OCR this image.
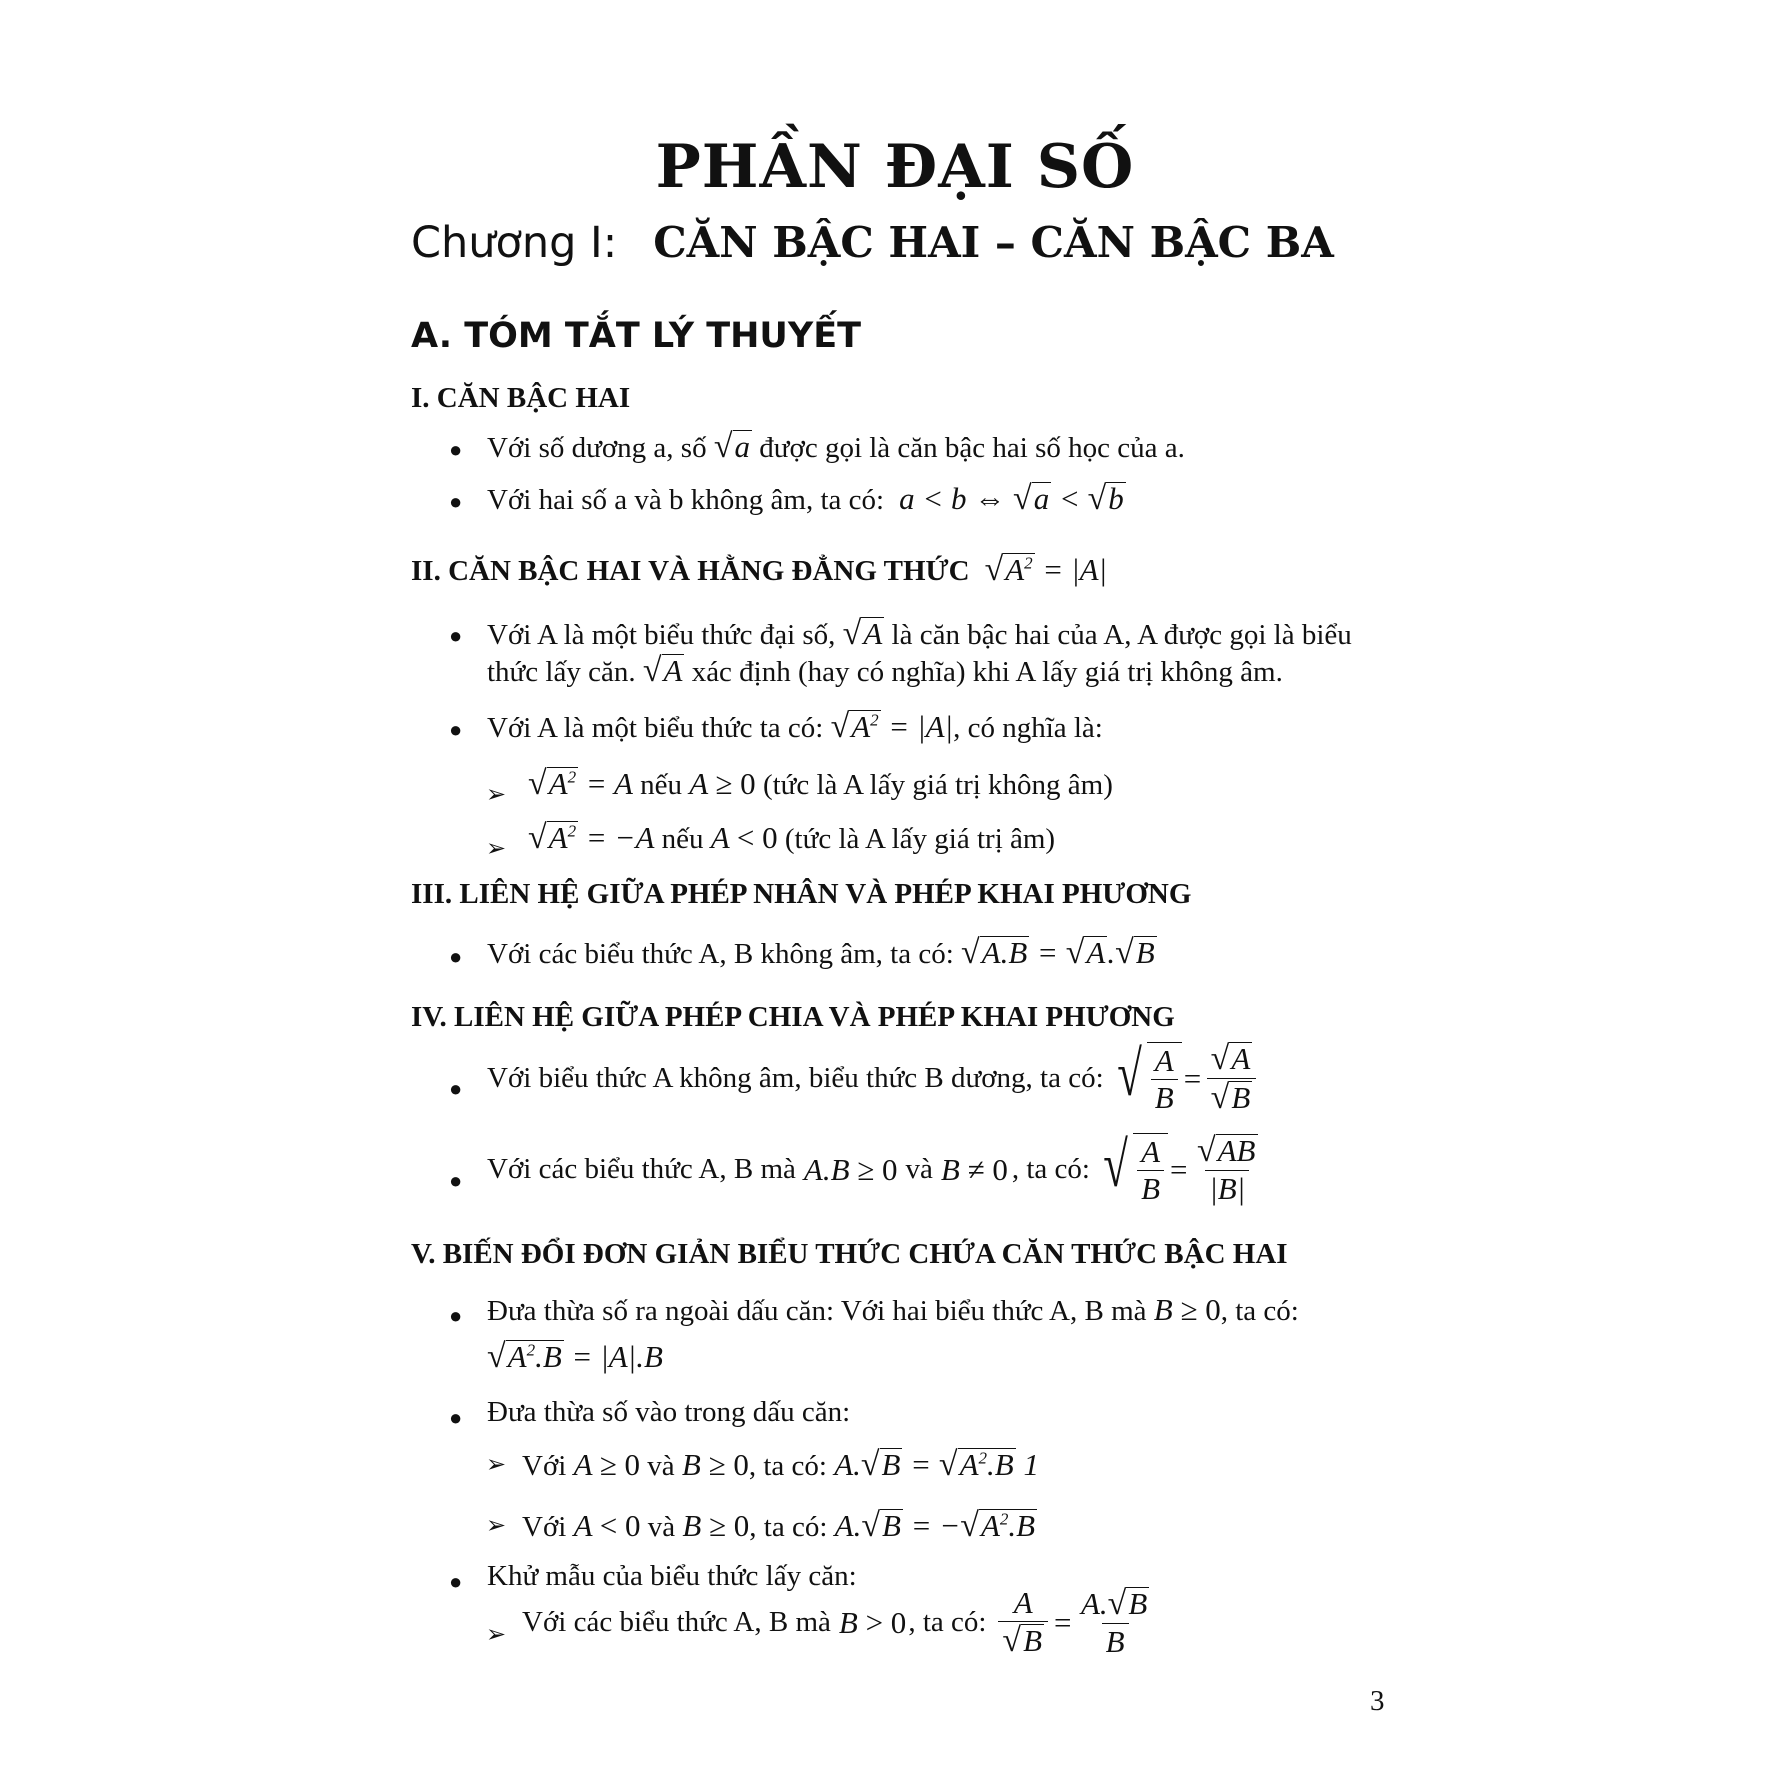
PHẦN ĐẠI SỐ
Chương I: CĂN BẬC HAI – CĂN BẬC BA
A. TÓM TẮT LÝ THUYẾT
I. CĂN BẬC HAI
● Với số dương a, số √a được gọi là căn bậc hai số học của a.
● Với hai số a và b không âm, ta có:  a < b ⇔ √a < √b
II. CĂN BẬC HAI VÀ HẰNG ĐẲNG THỨC $√A^2 = |A|$
● Với A là một biểu thức đại số, √A là căn bậc hai của A, A được gọi là biểu
thức lấy căn. √A xác định (hay có nghĩa) khi A lấy giá trị không âm.
● Với A là một biểu thức ta có: $√A^2 = |A|$, có nghĩa là:
➢ $√A^2 = A$ nếu A ≥ 0 (tức là A lấy giá trị không âm)
➢ $√A^2 = -A$ nếu A < 0 (tức là A lấy giá trị âm)
III. LIÊN HỆ GIỮA PHÉP NHÂN VÀ PHÉP KHAI PHƯƠNG
● Với các biểu thức A, B không âm, ta có: √A.B = √A.√B
IV. LIÊN HỆ GIỮA PHÉP CHIA VÀ PHÉP KHAI PHƯƠNG
● Với biểu thức A không âm, biểu thức B dương, ta có: √ $\frac{A}{B} = \frac{√A}{√B}$
● Với các biểu thức A, B mà A.B ≥ 0 và B ≠ 0 , ta có: √ $\frac{A}{B} = \frac{√AB}{|B|}$
V. BIẾN ĐỔI ĐƠN GIẢN BIỂU THỨC CHỨA CĂN THỨC BẬC HAI
● Đưa thừa số ra ngoài dấu căn: Với hai biểu thức A, B mà B ≥ 0, ta có:
$√A^2.B = |A|.B$
● Đưa thừa số vào trong dấu căn:
➢ Với A ≥ 0 và B ≥ 0, ta có: $A.√B = √A^2.B$ 1
➢ Với A < 0 và B ≥ 0, ta có: $A.√B = -√A^2.B$
● Khử mẫu của biểu thức lấy căn:
➢ Với các biểu thức A, B mà B > 0 , ta có: $\frac{A}{√B} = \frac{A.√B}{B}$
3
